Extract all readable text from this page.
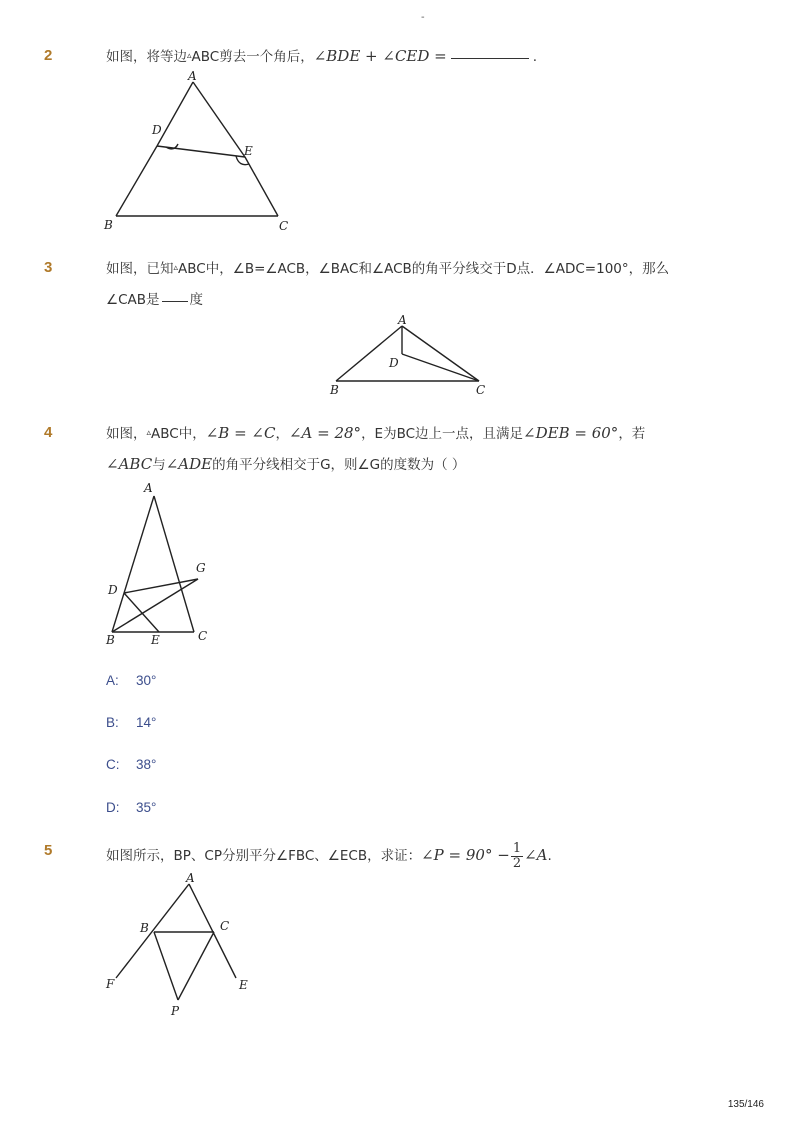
-
2	如图，将等边▵ABC剪去一个角后，∠BDE + ∠CED =	.
A
D
E
B	C
3	如图，已知▵ABC中，∠B=∠ACB，∠BAC和∠ACB的角平分线交于D点．∠ADC=100°，那么
∠CAB是 度
A
D
B	C
4	如图，▵ABC中，∠B = ∠C，∠A = 28°，E为BC边上一点，且满足∠DEB = 60°，若
∠ABC与∠ADE的角平分线相交于G，则∠G的度数为（ ）
A
D
G
B	E	C
A: 30°
B: 14°
C: 38°
D: 35°
5	如图所示，BP、CP分别平分∠FBC、∠ECB，求证：∠P = $90^\circ - \frac{1}{2}$ ∠A.
A
B	C
F	E
P
135/146
